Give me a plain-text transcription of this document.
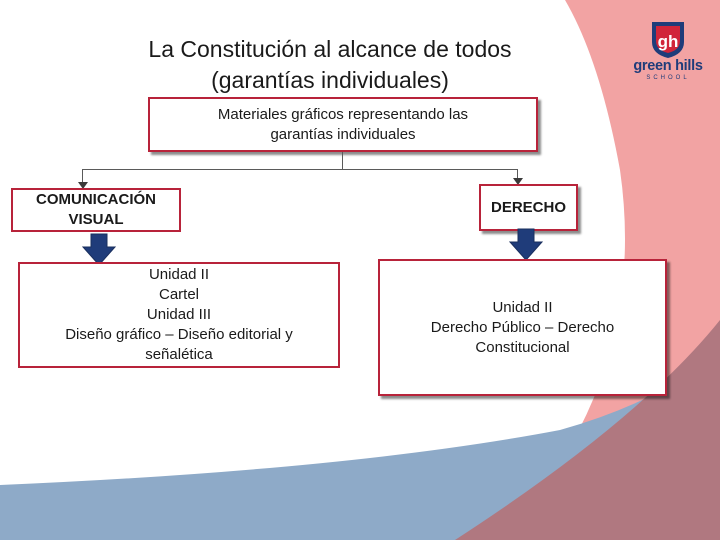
La Constitución al alcance de todos
(garantías individuales)
gh
green hills
SCHOOL
Materiales gráficos representando las
garantías individuales
COMUNICACIÓN
VISUAL
DERECHO
Unidad II
Cartel
Unidad III
Diseño gráfico – Diseño editorial y
señalética
Unidad II
Derecho Público – Derecho
Constitucional
